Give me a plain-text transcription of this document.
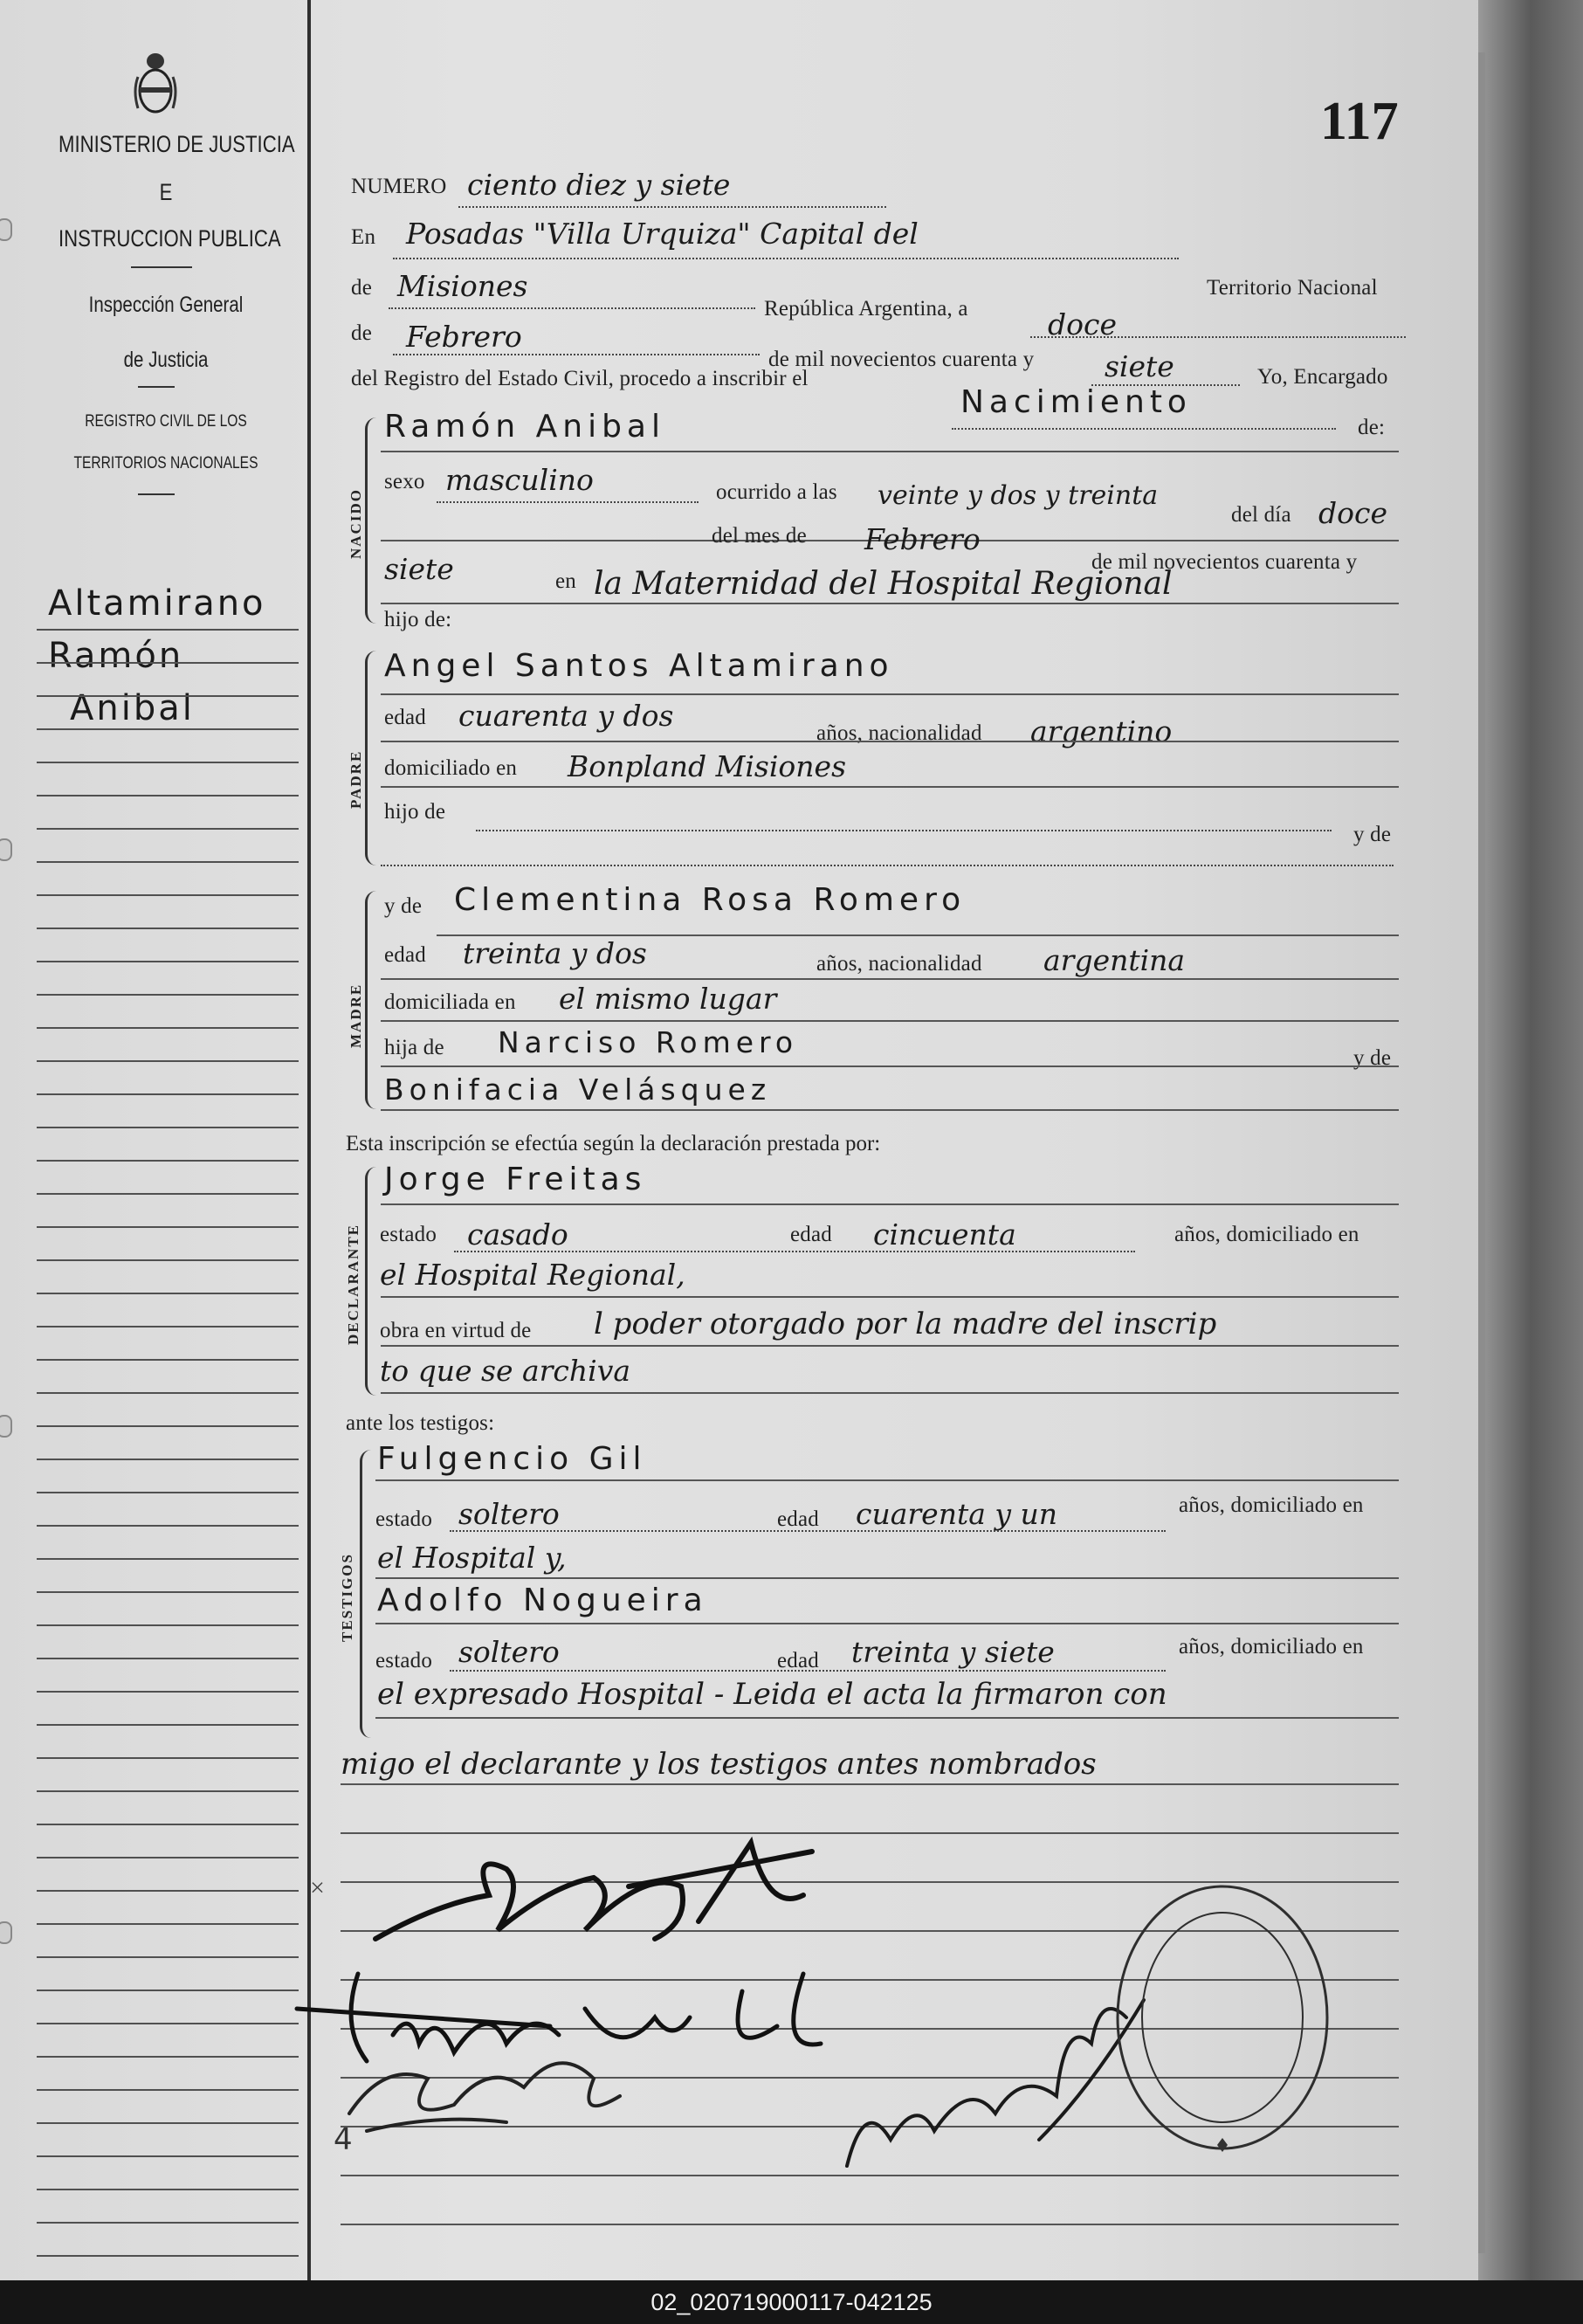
MINISTERIO DE JUSTICIA
E
INSTRUCCION PUBLICA
Inspección General
de Justicia
REGISTRO CIVIL DE LOS
TERRITORIOS NACIONALES
Altamirano
Ramón
Anibal
117
NUMERO ciento diez y siete
En Posadas "Villa Urquiza" Capital del
Territorio Nacional
de Misiones
República Argentina, a	doce
de Febrero
de mil novecientos cuarenta y siete	Yo, Encargado
del Registro del Estado Civil, procedo a inscribir el
Nacimiento
de:
NACIDO
Ramón Anibal
sexo masculino	ocurrido a las veinte y dos y treinta
del día doce
del mes de Febrero
de mil novecientos cuarenta y
siete	en la Maternidad del Hospital Regional
hijo de:
PADRE
Angel Santos Altamirano
edad cuarenta y dos
años, nacionalidad argentino
domiciliado en Bonpland Misiones
hijo de
y de
MADRE
y de Clementina Rosa Romero
edad treinta y dos	años, nacionalidad argentina
domiciliada en el mismo lugar
hija de Narciso Romero	y de
Bonifacia Velásquez
Esta inscripción se efectúa según la declaración prestada por:
DECLARANTE
Jorge Freitas
estado casado	edad cincuenta	años, domiciliado en
el Hospital Regional,
obra en virtud de l poder otorgado por la madre del inscrip
to que se archiva
ante los testigos:
TESTIGOS
Fulgencio Gil
estado soltero	edad cuarenta y un	años, domiciliado en
el Hospital y,
Adolfo Nogueira
estado soltero	edad treinta y siete	años, domiciliado en
el expresado Hospital - Leida el acta la firmaron con
migo el declarante y los testigos antes nombrados
×
4
02_020719000117-042125
